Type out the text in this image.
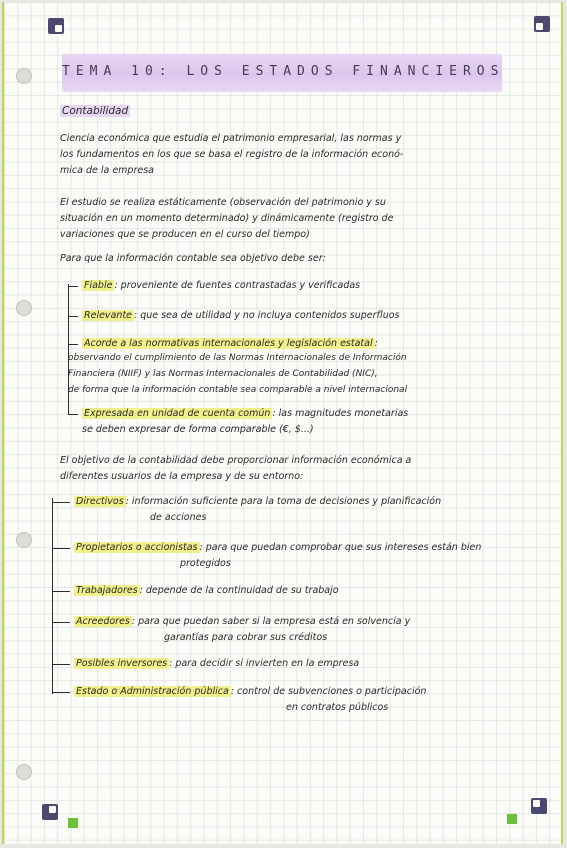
TEMA 10: LOS ESTADOS FINANCIEROS
Contabilidad
Ciencia económica que estudia el patrimonio empresarial, las normas y
los fundamentos en los que se basa el registro de la información econó-
mica de la empresa
El estudio se realiza estáticamente (observación del patrimonio y su
situación en un momento determinado) y dinámicamente (registro de
variaciones que se producen en el curso del tiempo)
Para que la información contable sea objetivo debe ser:
Fiable : proveniente de fuentes contrastadas y verificadas
Relevante : que sea de utilidad y no incluya contenidos superfluos
Acorde a las normativas internacionales y legislación estatal :
observando el cumplimiento de las Normas Internacionales de Información
Financiera (NIIF) y las Normas Internacionales de Contabilidad (NIC),
de forma que la información contable sea comparable a nivel internacional
Expresada en unidad de cuenta común : las magnitudes monetarias
se deben expresar de forma comparable (€, $...)
El objetivo de la contabilidad debe proporcionar información económica a
diferentes usuarios de la empresa y de su entorno:
Directivos : información suficiente para la toma de decisiones y planificación
de acciones
Propietarios o accionistas : para que puedan comprobar que sus intereses están bien
protegidos
Trabajadores : depende de la continuidad de su trabajo
Acreedores : para que puedan saber si la empresa está en solvencia y
garantías para cobrar sus créditos
Posibles inversores : para decidir si invierten en la empresa
Estado o Administración pública : control de subvenciones o participación
en contratos públicos
